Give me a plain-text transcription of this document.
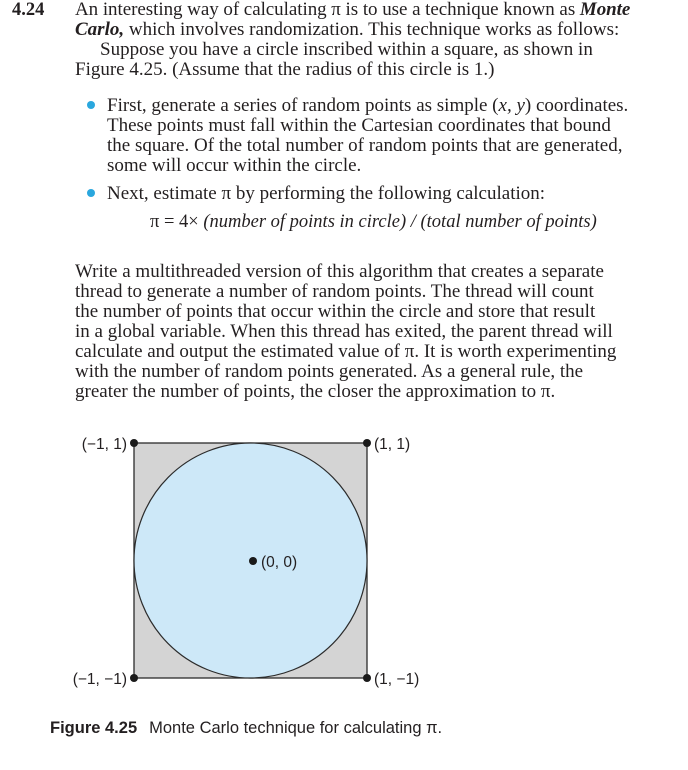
4.24 An interesting way of calculating π is to use a technique known as Monte
Carlo, which involves randomization. This technique works as follows:
Suppose you have a circle inscribed within a square, as shown in
Figure 4.25. (Assume that the radius of this circle is 1.)
First, generate a series of random points as simple (x, y) coordinates.
These points must fall within the Cartesian coordinates that bound
the square. Of the total number of random points that are generated,
some will occur within the circle.
Next, estimate π by performing the following calculation:
π = 4× (number of points in circle) / (total number of points)
Write a multithreaded version of this algorithm that creates a separate
thread to generate a number of random points. The thread will count
the number of points that occur within the circle and store that result
in a global variable. When this thread has exited, the parent thread will
calculate and output the estimated value of π. It is worth experimenting
with the number of random points generated. As a general rule, the
greater the number of points, the closer the approximation to π.
(−1, 1)	(1, 1)
(0, 0)
(−1, −1)	(1, −1)
Figure 4.25 Monte Carlo technique for calculating π.
